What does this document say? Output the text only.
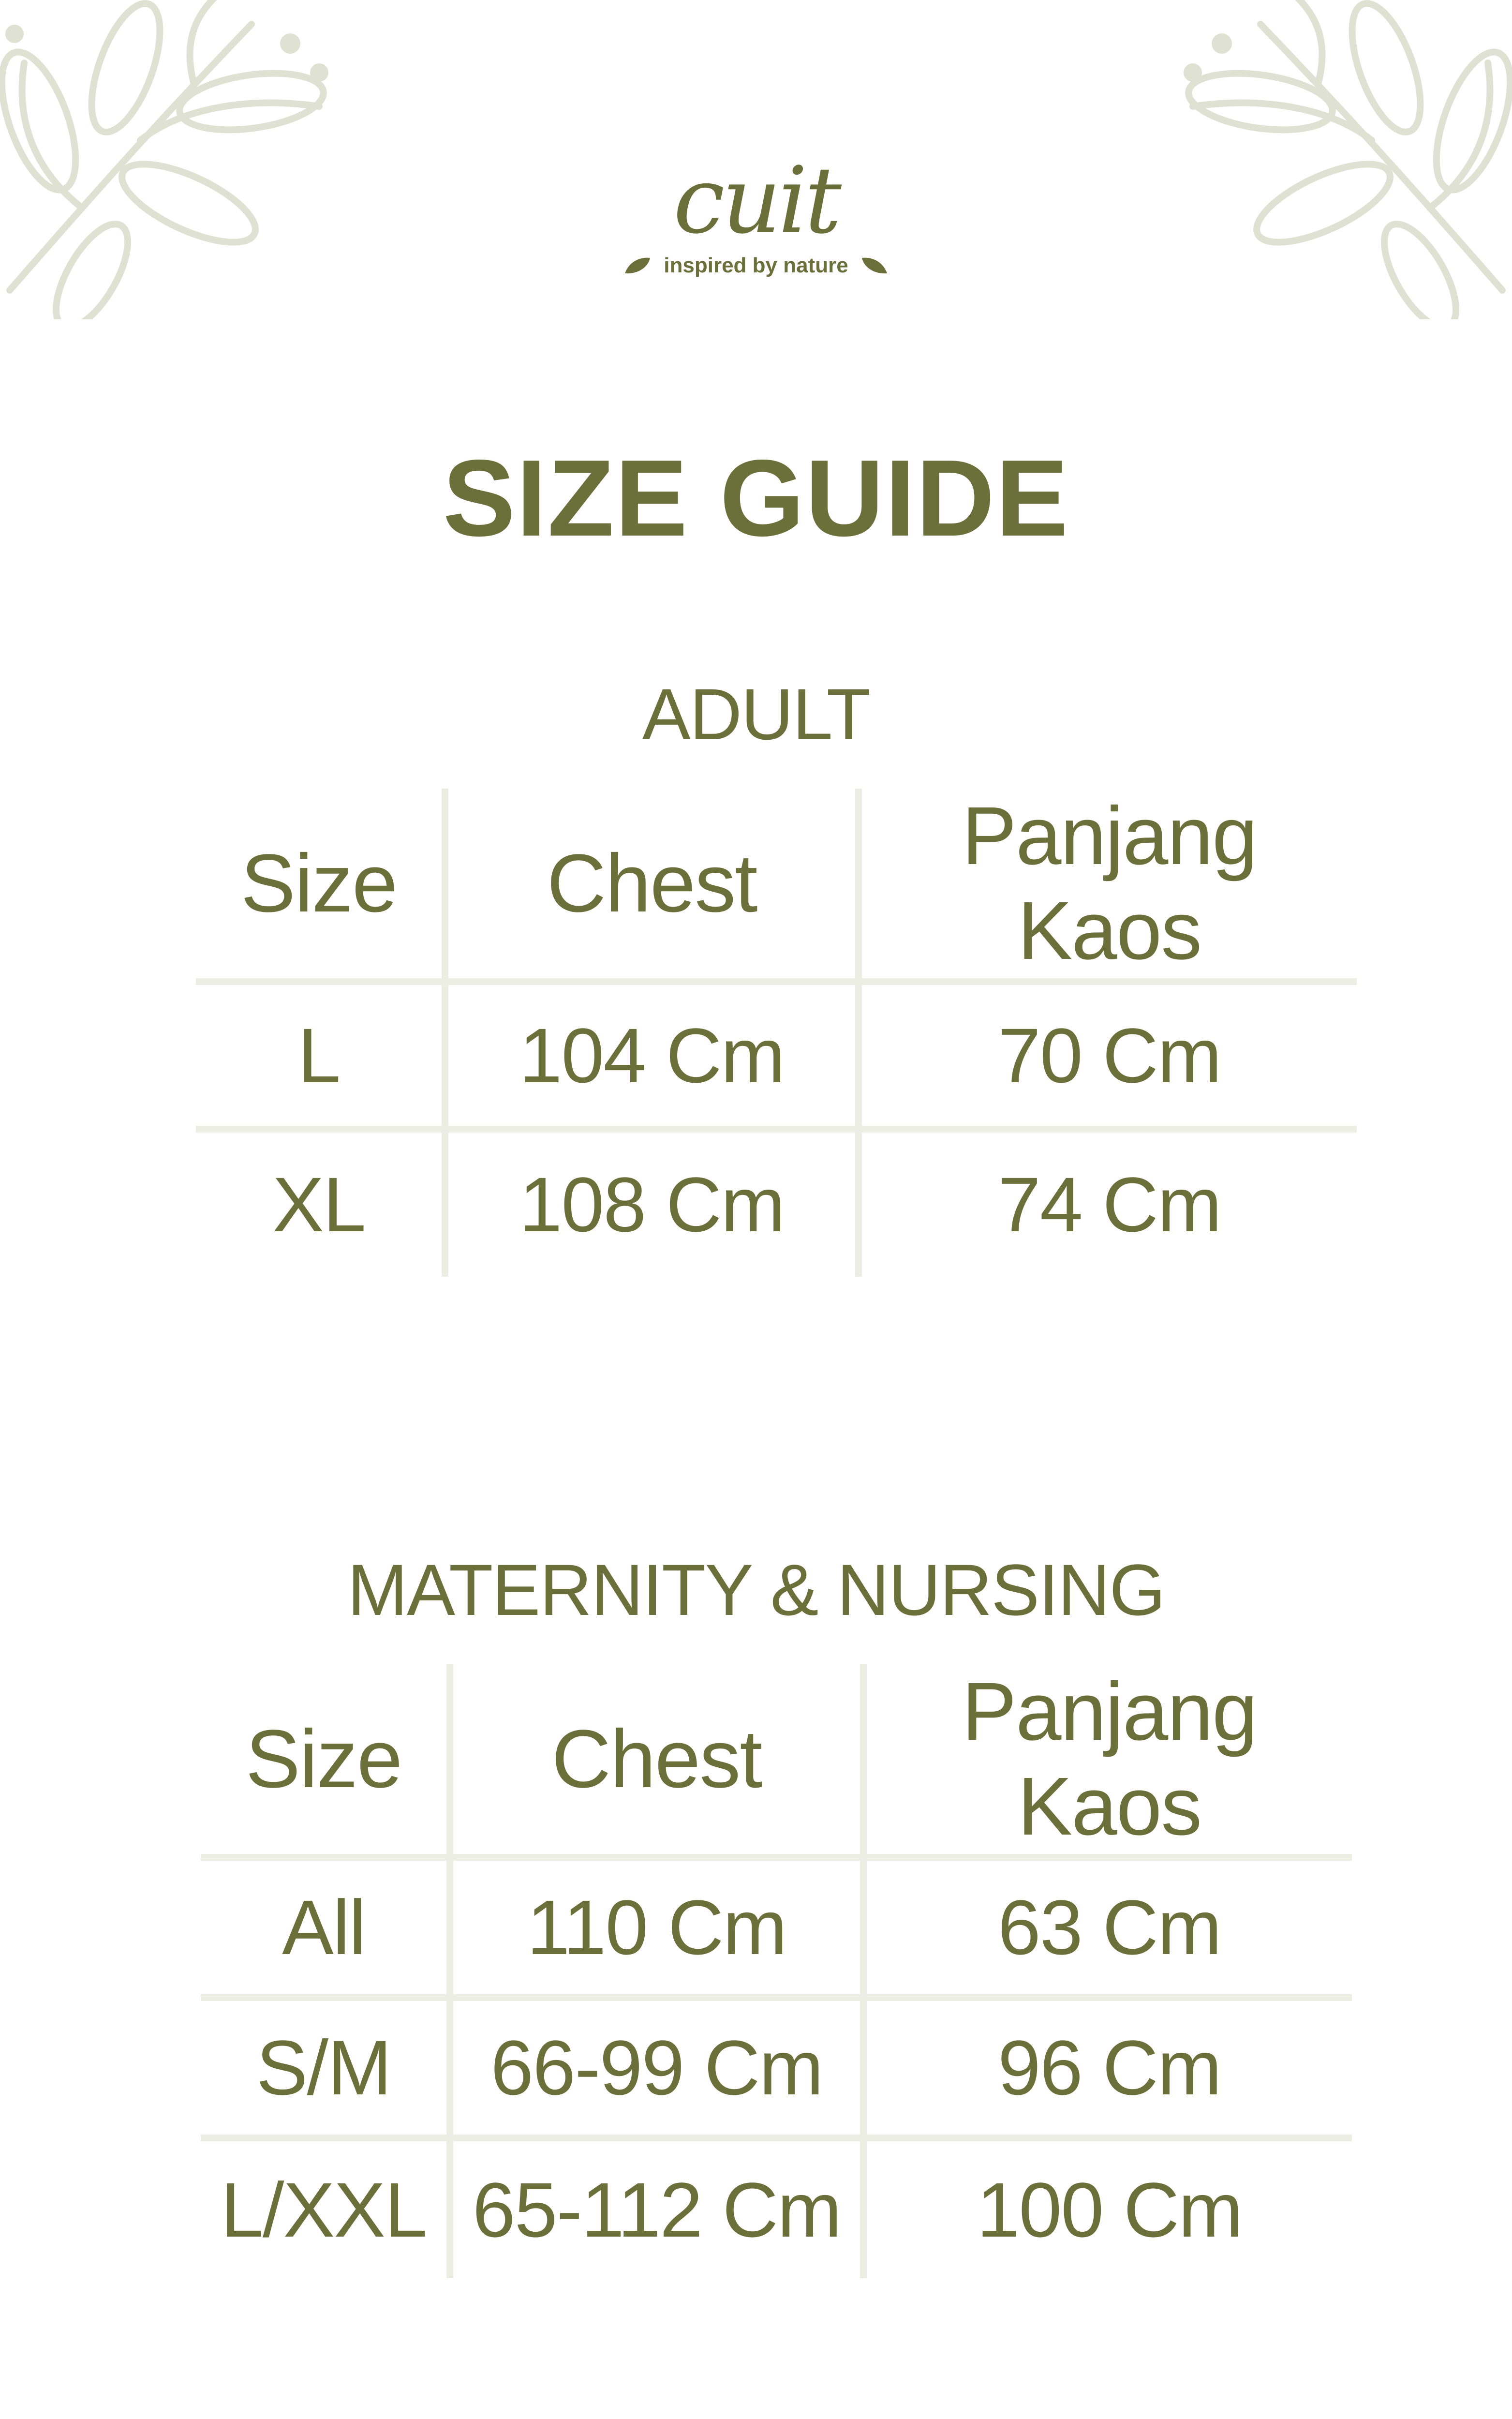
cuit
inspired by nature
SIZE GUIDE
ADULT
Size	Chest	Panjang Kaos
L	104 Cm	70 Cm
XL	108 Cm	74 Cm
MATERNITY & NURSING
Size	Chest	Panjang Kaos
All	110 Cm	63 Cm
S/M	66-99 Cm	96 Cm
L/XXL	65-112 Cm	100 Cm
